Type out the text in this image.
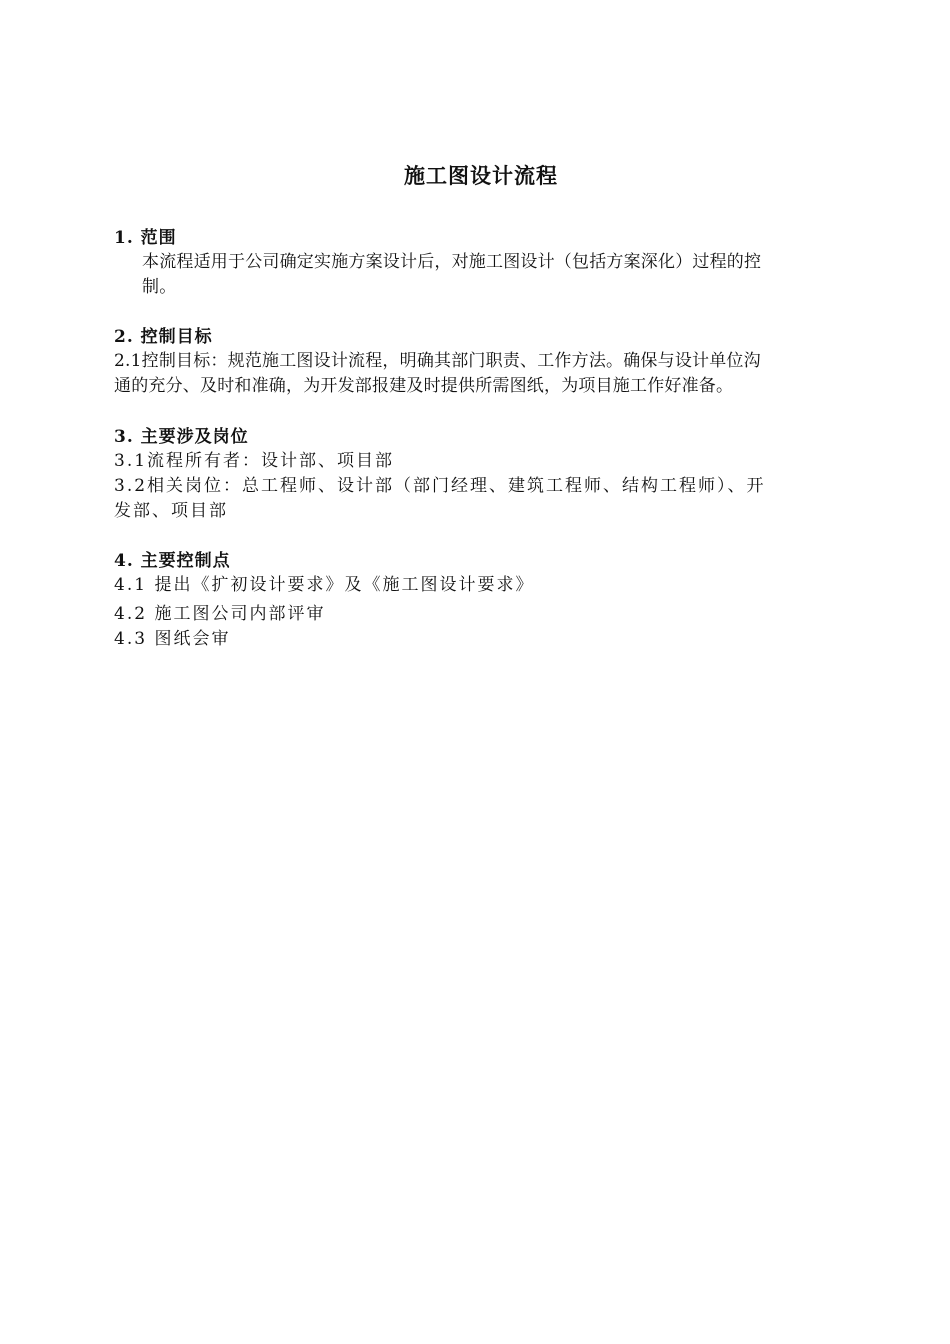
施工图设计流程
1. 范围
本流程适用于公司确定实施方案设计后，对施工图设计（包括方案深化）过程的控
制。
2. 控制目标
2.1控制目标：规范施工图设计流程，明确其部门职责、工作方法。确保与设计单位沟
通的充分、及时和准确，为开发部报建及时提供所需图纸，为项目施工作好准备。
3. 主要涉及岗位
3.1流程所有者：设计部、项目部
3.2相关岗位：总工程师、设计部（部门经理、建筑工程师、结构工程师）、开
发部、项目部
4. 主要控制点
4.1 提出《扩初设计要求》及《施工图设计要求》
4.2 施工图公司内部评审
4.3 图纸会审
